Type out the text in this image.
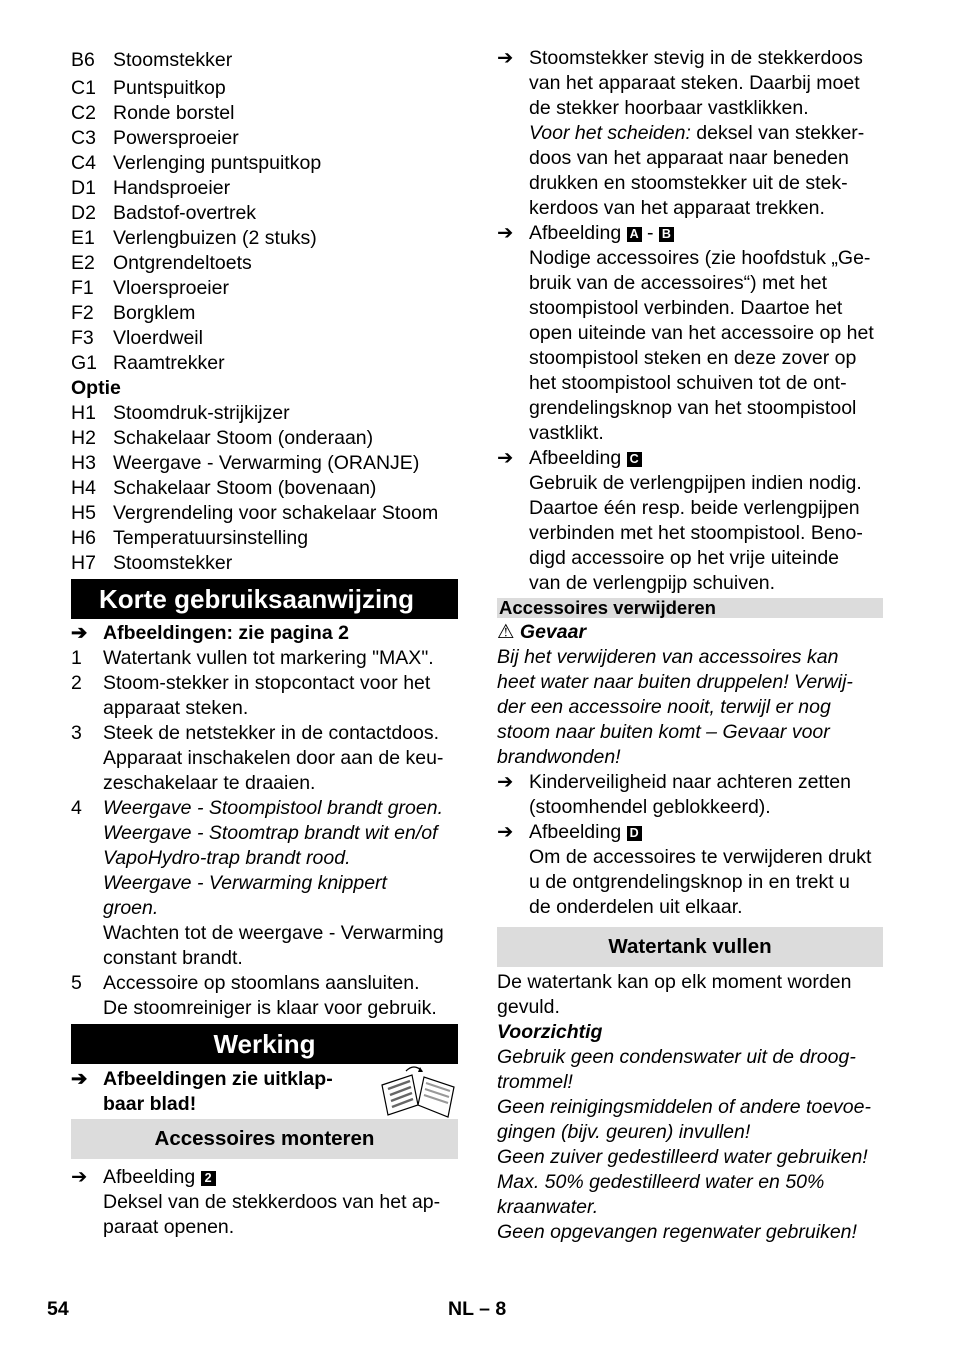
B6 Stoomstekker
C1 Puntspuitkop
C2 Ronde borstel
C3 Powersproeier
C4 Verlenging puntspuitkop
D1 Handsproeier
D2 Badstof-overtrek
E1 Verlengbuizen (2 stuks)
E2 Ontgrendeltoets
F1 Vloersproeier
F2 Borgklem
F3 Vloerdweil
G1 Raamtrekker
Optie
H1 Stoomdruk-strijkijzer
H2 Schakelaar Stoom (onderaan)
H3 Weergave - Verwarming (ORANJE)
H4 Schakelaar Stoom (bovenaan)
H5 Vergrendeling voor schakelaar Stoom
H6 Temperatuursinstelling
H7 Stoomstekker
Korte gebruiksaanwijzing
➔ Afbeeldingen: zie pagina 2
1	Watertank vullen tot markering "MAX".
2	Stoom-stekker in stopcontact voor het
apparaat steken.
3	Steek de netstekker in de contactdoos.
Apparaat inschakelen door aan de keu-
zeschakelaar te draaien.
4	Weergave - Stoompistool brandt groen.
Weergave - Stoomtrap brandt wit en/of
VapoHydro-trap brandt rood.
Weergave - Verwarming knippert
groen.
Wachten tot de weergave - Verwarming
constant brandt.
5	Accessoire op stoomlans aansluiten.
De stoomreiniger is klaar voor gebruik.
Werking
➔ Afbeeldingen zie uitklap-
baar blad!
Accessoires monteren
➔ Afbeelding 2
Deksel van de stekkerdoos van het ap-
paraat openen.
➔ Stoomstekker stevig in de stekkerdoos
van het apparaat steken. Daarbij moet
de stekker hoorbaar vastklikken.
Voor het scheiden: deksel van stekker-
doos van het apparaat naar beneden
drukken en stoomstekker uit de stek-
kerdoos van het apparaat trekken.
➔ Afbeelding A - B
Nodige accessoires (zie hoofdstuk „Ge-
bruik van de accessoires“) met het
stoompistool verbinden. Daartoe het
open uiteinde van het accessoire op het
stoompistool steken en deze zover op
het stoompistool schuiven tot de ont-
grendelingsknop van het stoompistool
vastklikt.
➔ Afbeelding C
Gebruik de verlengpijpen indien nodig.
Daartoe één resp. beide verlengpijpen
verbinden met het stoompistool. Beno-
digd accessoire op het vrije uiteinde
van de verlengpijp schuiven.
Accessoires verwijderen
⚠ Gevaar
Bij het verwijderen van accessoires kan
heet water naar buiten druppelen! Verwij-
der een accessoire nooit, terwijl er nog
stoom naar buiten komt – Gevaar voor
brandwonden!
➔ Kinderveiligheid naar achteren zetten
(stoomhendel geblokkeerd).
➔ Afbeelding D
Om de accessoires te verwijderen drukt
u de ontgrendelingsknop in en trekt u
de onderdelen uit elkaar.
Watertank vullen
De watertank kan op elk moment worden
gevuld.
Voorzichtig
Gebruik geen condenswater uit de droog-
trommel!
Geen reinigingsmiddelen of andere toevoe-
gingen (bijv. geuren) invullen!
Geen zuiver gedestilleerd water gebruiken!
Max. 50% gedestilleerd water en 50%
kraanwater.
Geen opgevangen regenwater gebruiken!
54	NL – 8
